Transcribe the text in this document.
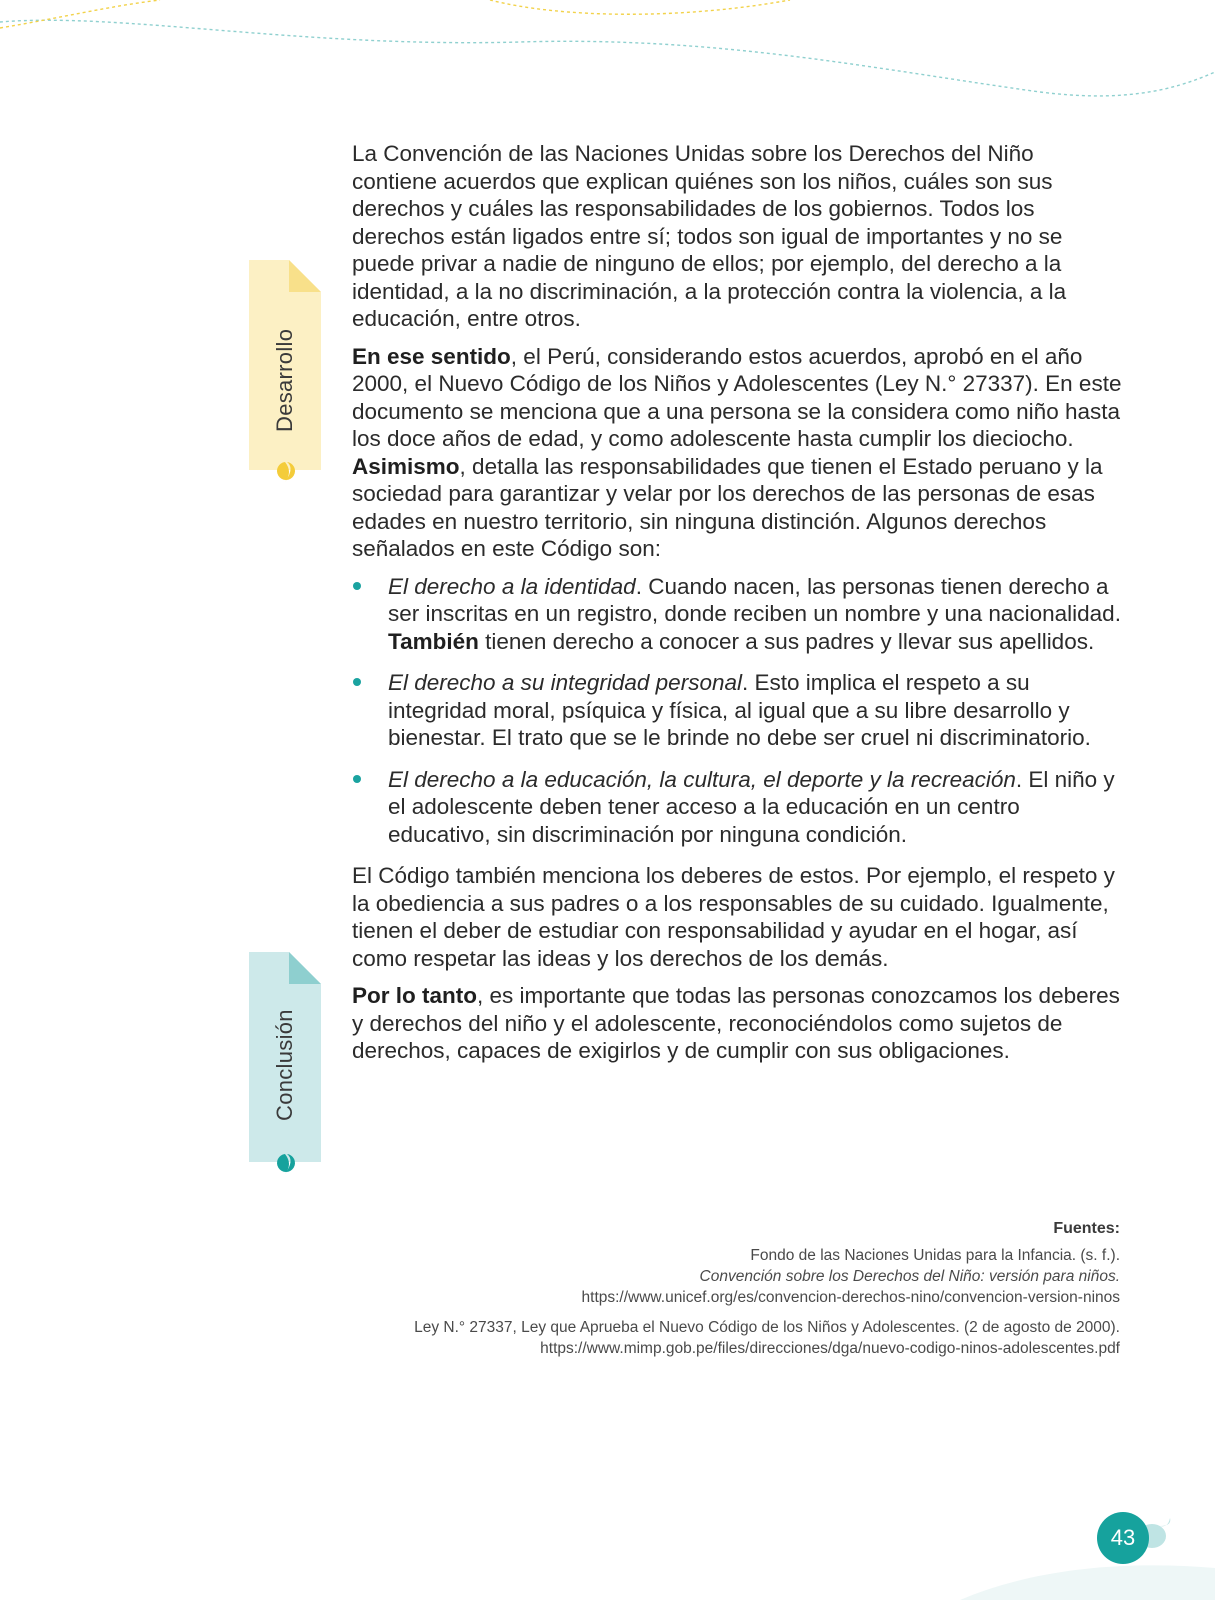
Desarrollo
Conclusión

La Convención de las Naciones Unidas sobre los Derechos del Niño contiene acuerdos que explican quiénes son los niños, cuáles son sus derechos y cuáles las responsabilidades de los gobiernos. Todos los derechos están ligados entre sí; todos son igual de importantes y no se puede privar a nadie de ninguno de ellos; por ejemplo, del derecho a la identidad, a la no discriminación, a la protección contra la violencia, a la educación, entre otros.

En ese sentido, el Perú, considerando estos acuerdos, aprobó en el año 2000, el Nuevo Código de los Niños y Adolescentes (Ley N.° 27337). En este documento se menciona que a una persona se la considera como niño hasta los doce años de edad, y como adolescente hasta cumplir los dieciocho. Asimismo, detalla las responsabilidades que tienen el Estado peruano y la sociedad para garantizar y velar por los derechos de las personas de esas edades en nuestro territorio, sin ninguna distinción. Algunos derechos señalados en este Código son:

El derecho a la identidad. Cuando nacen, las personas tienen derecho a ser inscritas en un registro, donde reciben un nombre y una nacionalidad. También tienen derecho a conocer a sus padres y llevar sus apellidos.
El derecho a su integridad personal. Esto implica el respeto a su integridad moral, psíquica y física, al igual que a su libre desarrollo y bienestar. El trato que se le brinde no debe ser cruel ni discriminatorio.
El derecho a la educación, la cultura, el deporte y la recreación. El niño y el adolescente deben tener acceso a la educación en un centro educativo, sin discriminación por ninguna condición.

El Código también menciona los deberes de estos. Por ejemplo, el respeto y la obediencia a sus padres o a los responsables de su cuidado. Igualmente, tienen el deber de estudiar con responsabilidad y ayudar en el hogar, así como respetar las ideas y los derechos de los demás.

Por lo tanto, es importante que todas las personas conozcamos los deberes y derechos del niño y el adolescente, reconociéndolos como sujetos de derechos, capaces de exigirlos y de cumplir con sus obligaciones.

Fuentes:
Fondo de las Naciones Unidas para la Infancia. (s. f.).
Convención sobre los Derechos del Niño: versión para niños.
https://www.unicef.org/es/convencion-derechos-nino/convencion-version-ninos
Ley N.° 27337, Ley que Aprueba el Nuevo Código de los Niños y Adolescentes. (2 de agosto de 2000).
https://www.mimp.gob.pe/files/direcciones/dga/nuevo-codigo-ninos-adolescentes.pdf
43
